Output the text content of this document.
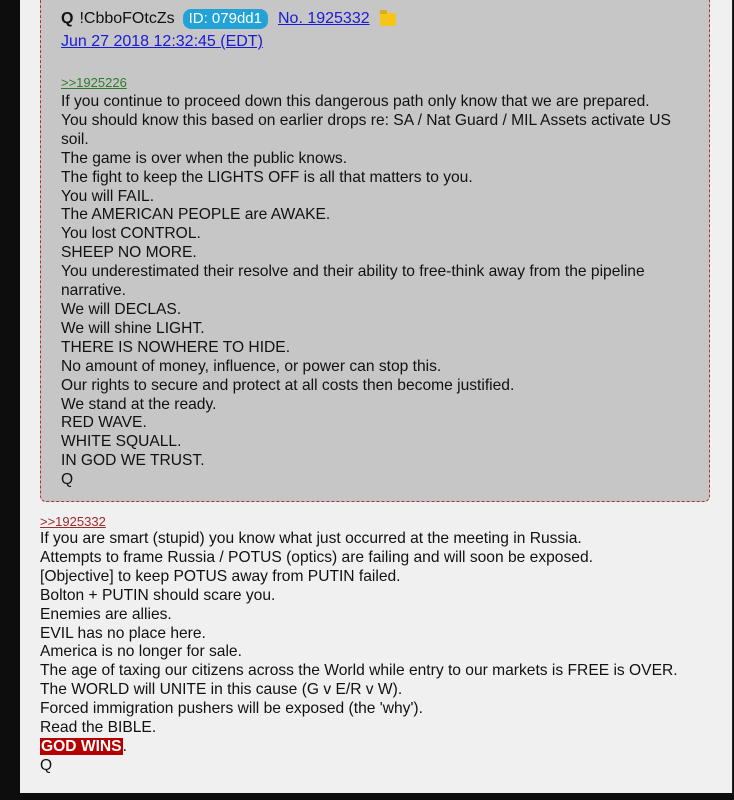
Q !CbboFOtcZs ID: 079dd1	No. 1925332
Jun 27 2018 12:32:45 (EDT)
>>1925226
If you continue to proceed down this dangerous path only know that we are prepared.
You should know this based on earlier drops re: SA / Nat Guard / MIL Assets activate US soil.
The game is over when the public knows.
The fight to keep the LIGHTS OFF is all that matters to you.
You will FAIL.
The AMERICAN PEOPLE are AWAKE.
You lost CONTROL.
SHEEP NO MORE.
You underestimated their resolve and their ability to free-think away from the pipeline narrative.
We will DECLAS.
We will shine LIGHT.
THERE IS NOWHERE TO HIDE.
No amount of money, influence, or power can stop this.
Our rights to secure and protect at all costs then become justified.
We stand at the ready.
RED WAVE.
WHITE SQUALL.
IN GOD WE TRUST.
Q
>>1925332
If you are smart (stupid) you know what just occurred at the meeting in Russia.
Attempts to frame Russia / POTUS (optics) are failing and will soon be exposed.
[Objective] to keep POTUS away from PUTIN failed.
Bolton + PUTIN should scare you.
Enemies are allies.
EVIL has no place here.
America is no longer for sale.
The age of taxing our citizens across the World while entry to our markets is FREE is OVER.
The WORLD will UNITE in this cause (G v E/R v W).
Forced immigration pushers will be exposed (the 'why').
Read the BIBLE.
GOD WINS.
Q
